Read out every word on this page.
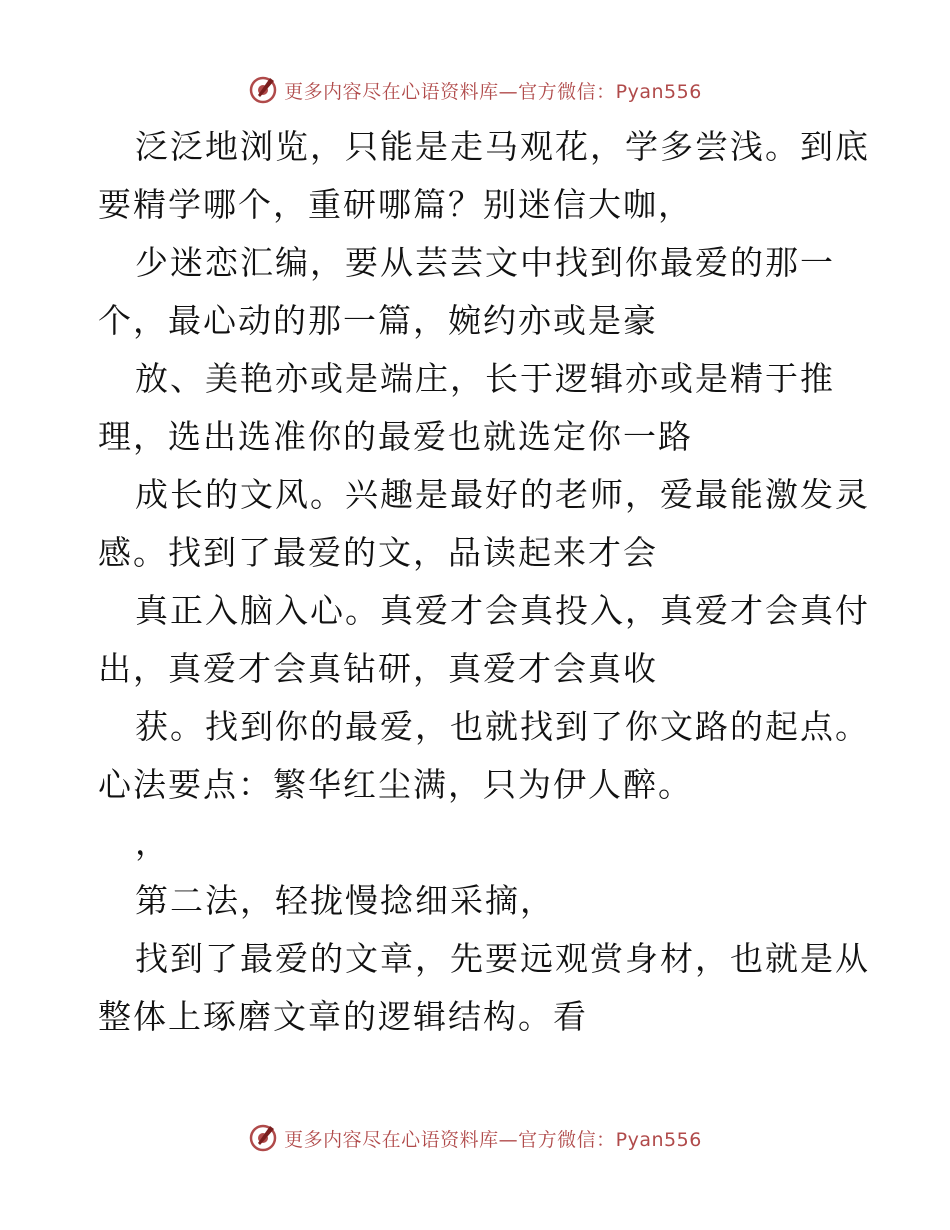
更多内容尽在心语资料库—官方微信：Pyan556
泛泛地浏览，只能是走马观花，学多尝浅。到底
要精学哪个，重研哪篇？别迷信大咖，
少迷恋汇编，要从芸芸文中找到你最爱的那一
个，最心动的那一篇，婉约亦或是豪
放、美艳亦或是端庄，长于逻辑亦或是精于推
理，选出选准你的最爱也就选定你一路
成长的文风。兴趣是最好的老师，爱最能激发灵
感。找到了最爱的文，品读起来才会
真正入脑入心。真爱才会真投入，真爱才会真付
出，真爱才会真钻研，真爱才会真收
获。找到你的最爱，也就找到了你文路的起点。
心法要点：繁华红尘满，只为伊人醉。
，
第二法，轻拢慢捻细采摘，
找到了最爱的文章，先要远观赏身材，也就是从
整体上琢磨文章的逻辑结构。看
更多内容尽在心语资料库—官方微信：Pyan556
